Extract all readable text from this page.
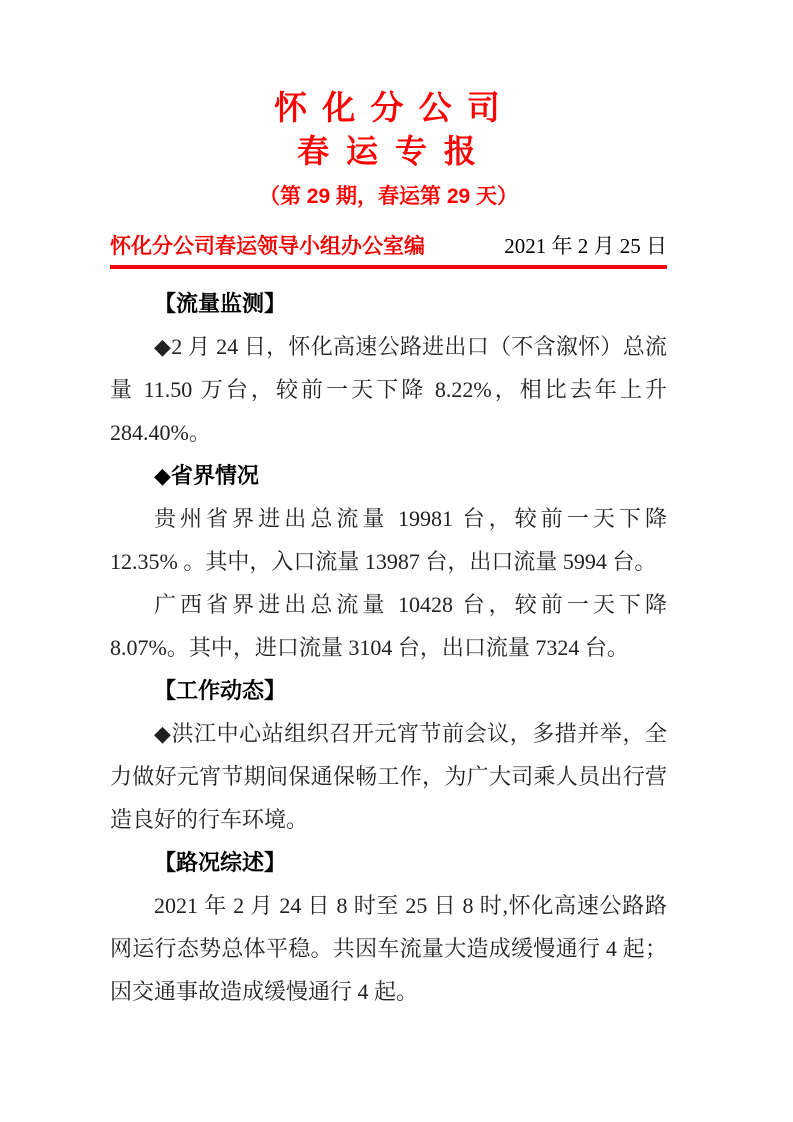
怀 化 分 公 司
春 运 专 报
（第 29 期，春运第 29 天）
怀化分公司春运领导小组办公室编	2021 年 2 月 25 日
【流量监测】

◆2 月 24 日，怀化高速公路进出口（不含溆怀）总流量 11.50 万台，较前一天下降 8.22%，相比去年上升 284.40%。

◆省界情况

贵州省界进出总流量 19981 台，较前一天下降 12.35% 。其中，入口流量 13987 台，出口流量 5994 台。

广西省界进出总流量 10428 台，较前一天下降 8.07%。其中，进口流量 3104 台，出口流量 7324 台。

【工作动态】

◆洪江中心站组织召开元宵节前会议，多措并举，全力做好元宵节期间保通保畅工作，为广大司乘人员出行营造良好的行车环境。

【路况综述】

2021 年 2 月 24 日 8 时至 25 日 8 时,怀化高速公路路网运行态势总体平稳。共因车流量大造成缓慢通行 4 起；因交通事故造成缓慢通行 4 起。
